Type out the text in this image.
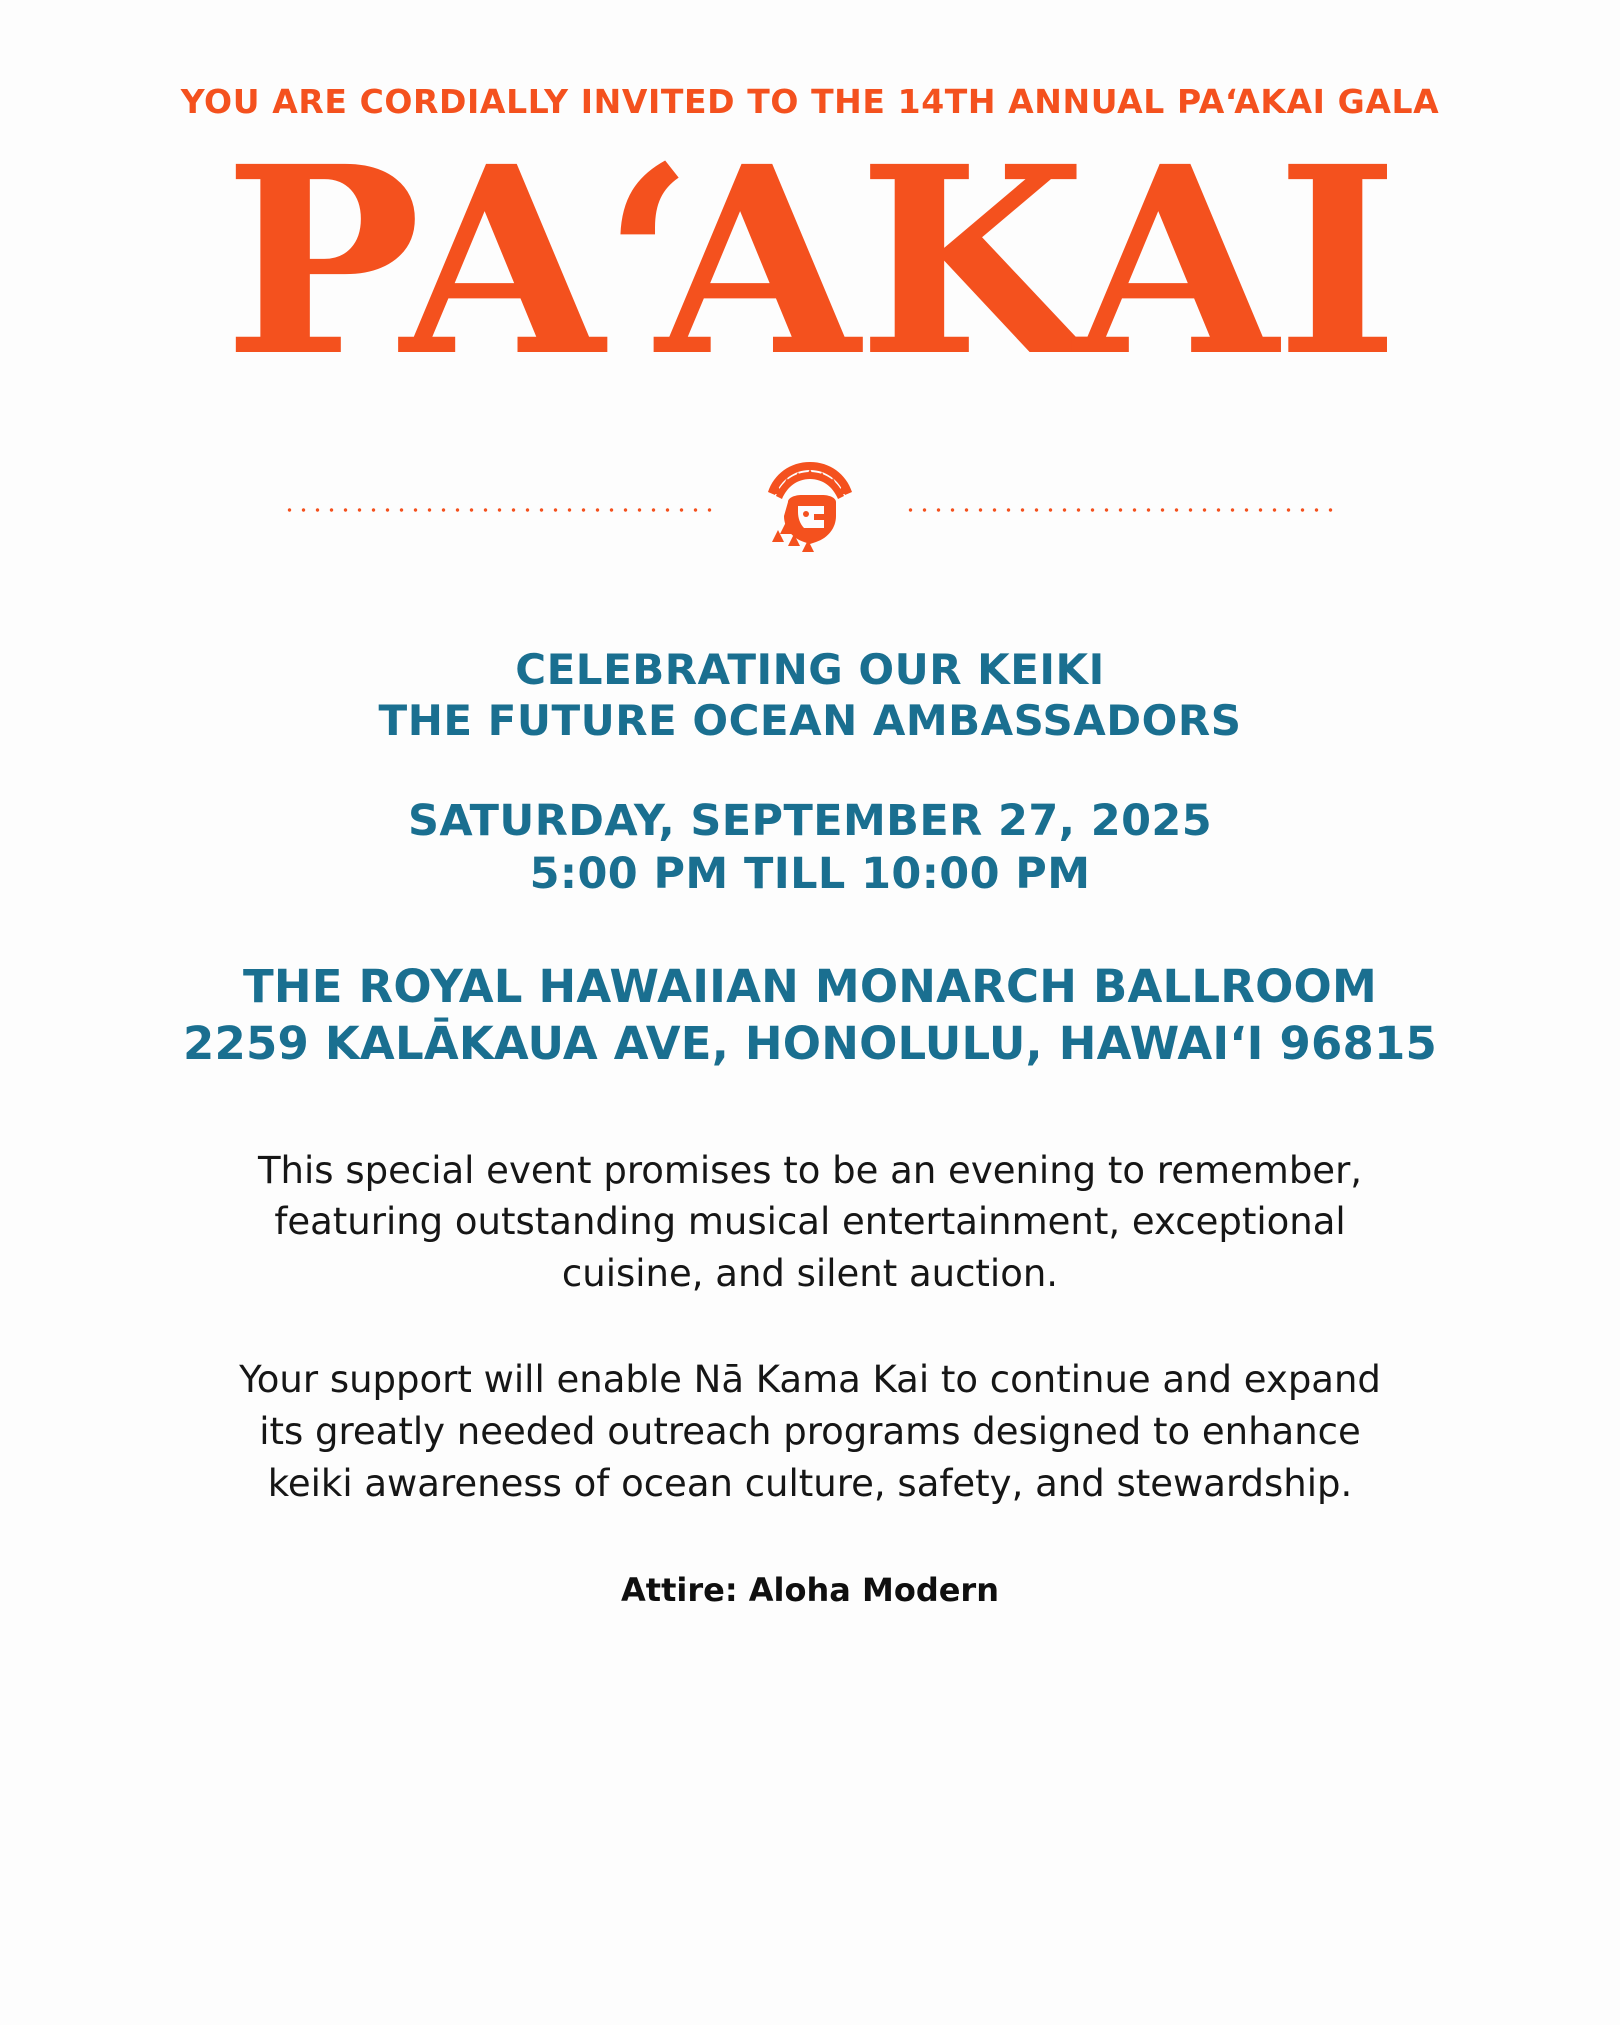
YOU ARE CORDIALLY INVITED TO THE 14TH ANNUAL PAʻAKAI GALA
PAʻAKAI
CELEBRATING OUR KEIKI
THE FUTURE OCEAN AMBASSADORS
SATURDAY, SEPTEMBER 27, 2025
5:00 PM TILL 10:00 PM
THE ROYAL HAWAIIAN MONARCH BALLROOM
2259 KALĀKAUA AVE, HONOLULU, HAWAIʻI 96815
This special event promises to be an evening to remember, featuring outstanding musical entertainment, exceptional cuisine, and silent auction.
Your support will enable Nā Kama Kai to continue and expand its greatly needed outreach programs designed to enhance keiki awareness of ocean culture, safety, and stewardship.
Attire: Aloha Modern
